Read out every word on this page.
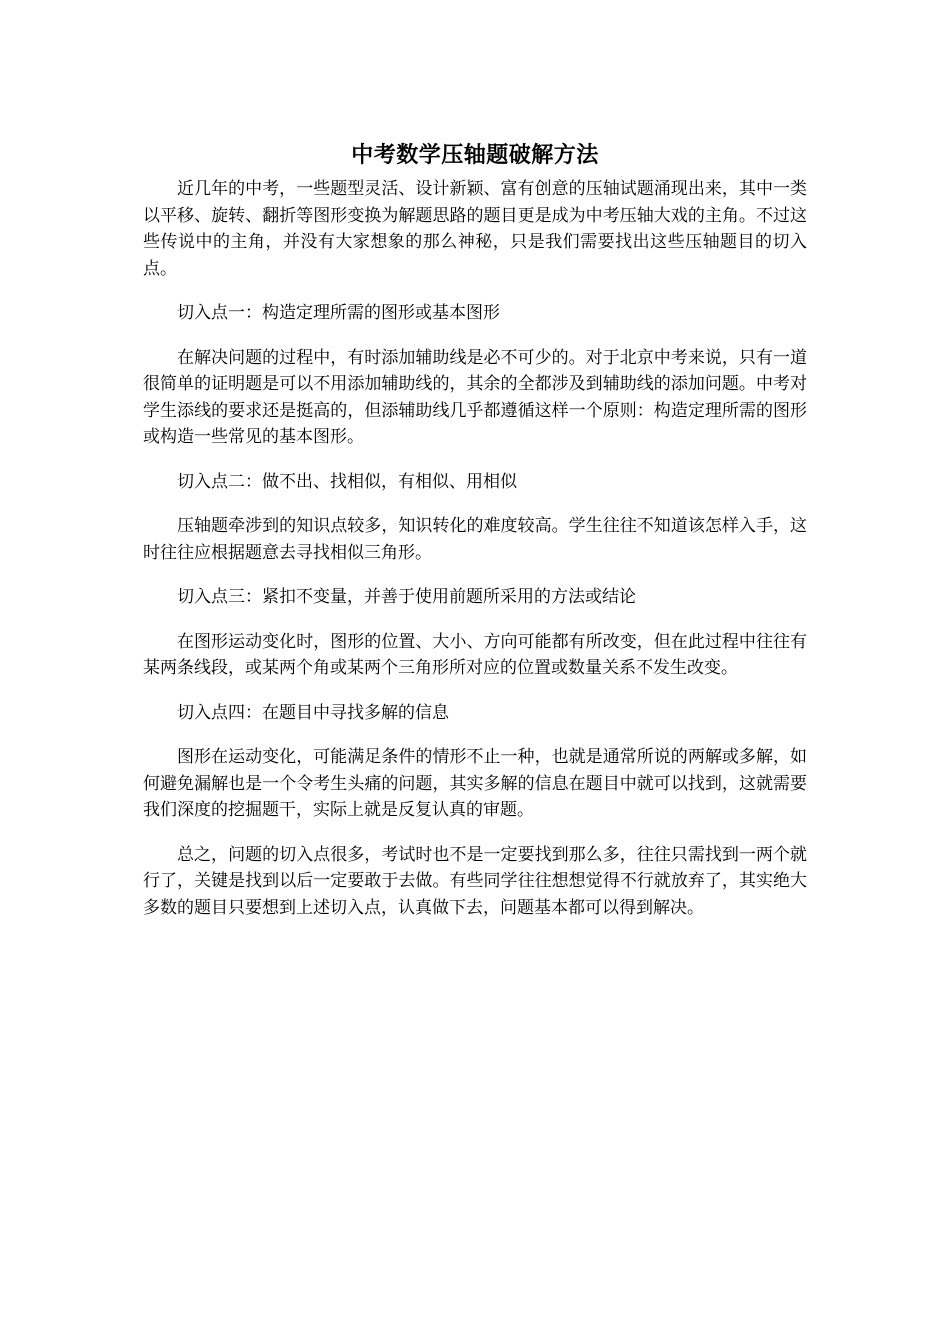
中考数学压轴题破解方法

近几年的中考，一些题型灵活、设计新颖、富有创意的压轴试题涌现出来，其中一类以平移、旋转、翻折等图形变换为解题思路的题目更是成为中考压轴大戏的主角。不过这些传说中的主角，并没有大家想象的那么神秘，只是我们需要找出这些压轴题目的切入点。

切入点一：构造定理所需的图形或基本图形

在解决问题的过程中，有时添加辅助线是必不可少的。对于北京中考来说，只有一道很简单的证明题是可以不用添加辅助线的，其余的全都涉及到辅助线的添加问题。中考对学生添线的要求还是挺高的，但添辅助线几乎都遵循这样一个原则：构造定理所需的图形或构造一些常见的基本图形。

切入点二：做不出、找相似，有相似、用相似

压轴题牵涉到的知识点较多，知识转化的难度较高。学生往往不知道该怎样入手，这时往往应根据题意去寻找相似三角形。

切入点三：紧扣不变量，并善于使用前题所采用的方法或结论

在图形运动变化时，图形的位置、大小、方向可能都有所改变，但在此过程中往往有某两条线段，或某两个角或某两个三角形所对应的位置或数量关系不发生改变。

切入点四：在题目中寻找多解的信息

图形在运动变化，可能满足条件的情形不止一种，也就是通常所说的两解或多解，如何避免漏解也是一个令考生头痛的问题，其实多解的信息在题目中就可以找到，这就需要我们深度的挖掘题干，实际上就是反复认真的审题。

总之，问题的切入点很多，考试时也不是一定要找到那么多，往往只需找到一两个就行了，关键是找到以后一定要敢于去做。有些同学往往想想觉得不行就放弃了，其实绝大多数的题目只要想到上述切入点，认真做下去，问题基本都可以得到解决。
